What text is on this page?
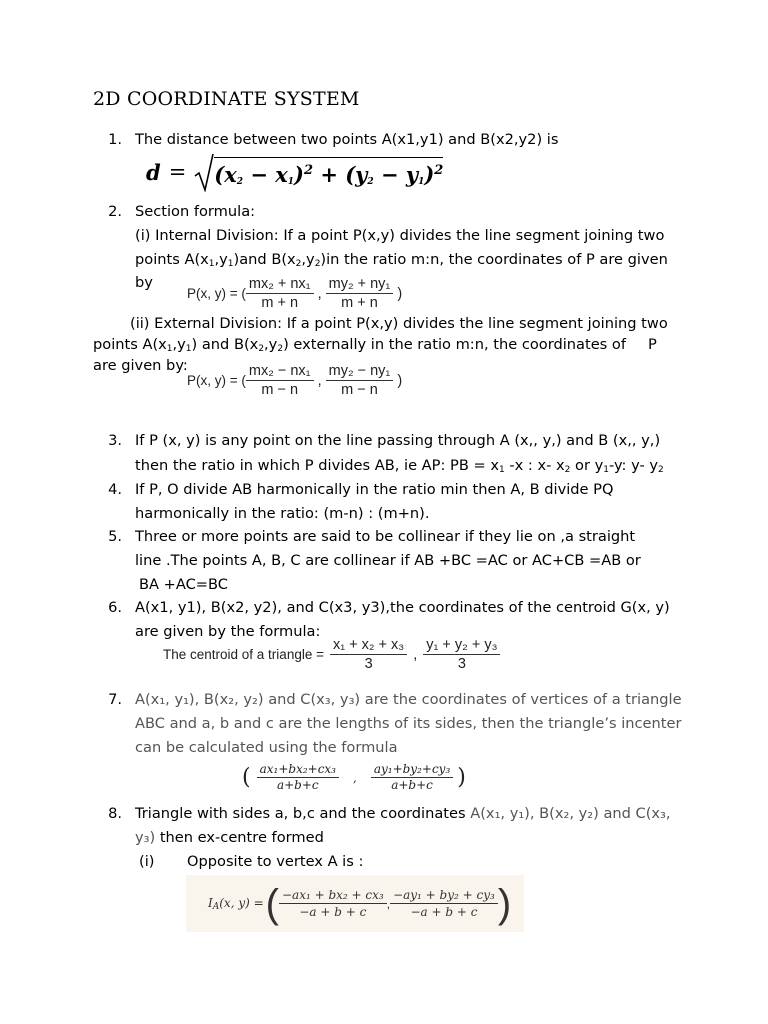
2D COORDINATE SYSTEM
1. The distance between two points A(x1,y1) and B(x2,y2) is
d =	$(x_2 - x_1)^2 + (y_2 - y_1)^2$
2. Section formula:
(i) Internal Division: If a point P(x,y) divides the line segment joining two
points $A(x_1,y_1)and$ $B(x_2,y_2)in$ the ratio m:n, the coordinates of P are given
by
P(x, y) = ( $\frac{\text{mx₂ + nx₁}}{m + n}$ , $\frac{\text{my₂ + ny₁}}{m + n}$ )
(ii) External Division: If a point P(x,y) divides the line segment joining two
points $A(x_1,y_1)$ and $B(x_2,y_2)$ externally in the ratio m:n, the coordinates of P
are given by:
P(x, y) = ( $\frac{\text{mx₂ − nx₁}}{m - n}$ , $\frac{\text{my₂ − ny₁}}{m - n}$ )
3. If P (x, y) is any point on the line passing through A (x,, y,) and B (x,, y,)
then the ratio in which P divides AB, ie AP: PB = $x_1$ -x : x- $x_2$ or $y_1-y$: y- $y_2$
4. If P, O divide AB harmonically in the ratio min then A, B divide PQ
harmonically in the ratio: (m-n) : (m+n).
5. Three or more points are said to be collinear if they lie on ,a straight
line .The points A, B, C are collinear if AB +BC =AC or AC+CB =AB or
BA +AC=BC
6. A(x1, y1), B(x2, y2), and C(x3, y3),the coordinates of the centroid G(x, y)
are given by the formula:
The centroid of a triangle = $\frac{\text{x₁ + x₂ + x₃}}{3}$ , $\frac{\text{y₁ + y₂ + y₃}}{3}$
7. A(x₁, y₁), B(x₂, y₂) and C(x₃, y₃) are the coordinates of vertices of a triangle
ABC and a, b and c are the lengths of its sides, then the triangle’s incenter
can be calculated using the formula
( $\frac{\text{ax₁+bx₂+cx₃}}{a+b+c}$	,	$\frac{\text{ay₁+by₂+cy₃}}{a+b+c}$ )
8. Triangle with sides a, b,c and the coordinates A(x₁, y₁), B(x₂, y₂) and C(x₃,
y₃) then ex-centre formed
(i) Opposite to vertex A is :
$I_A(x$, y) = ( $\frac{\text{−ax₁ + bx₂ + cx₃}}{-a + b + c}$ , $\frac{\text{−ay₁ + by₂ + cy₃}}{-a + b + c}$ )
